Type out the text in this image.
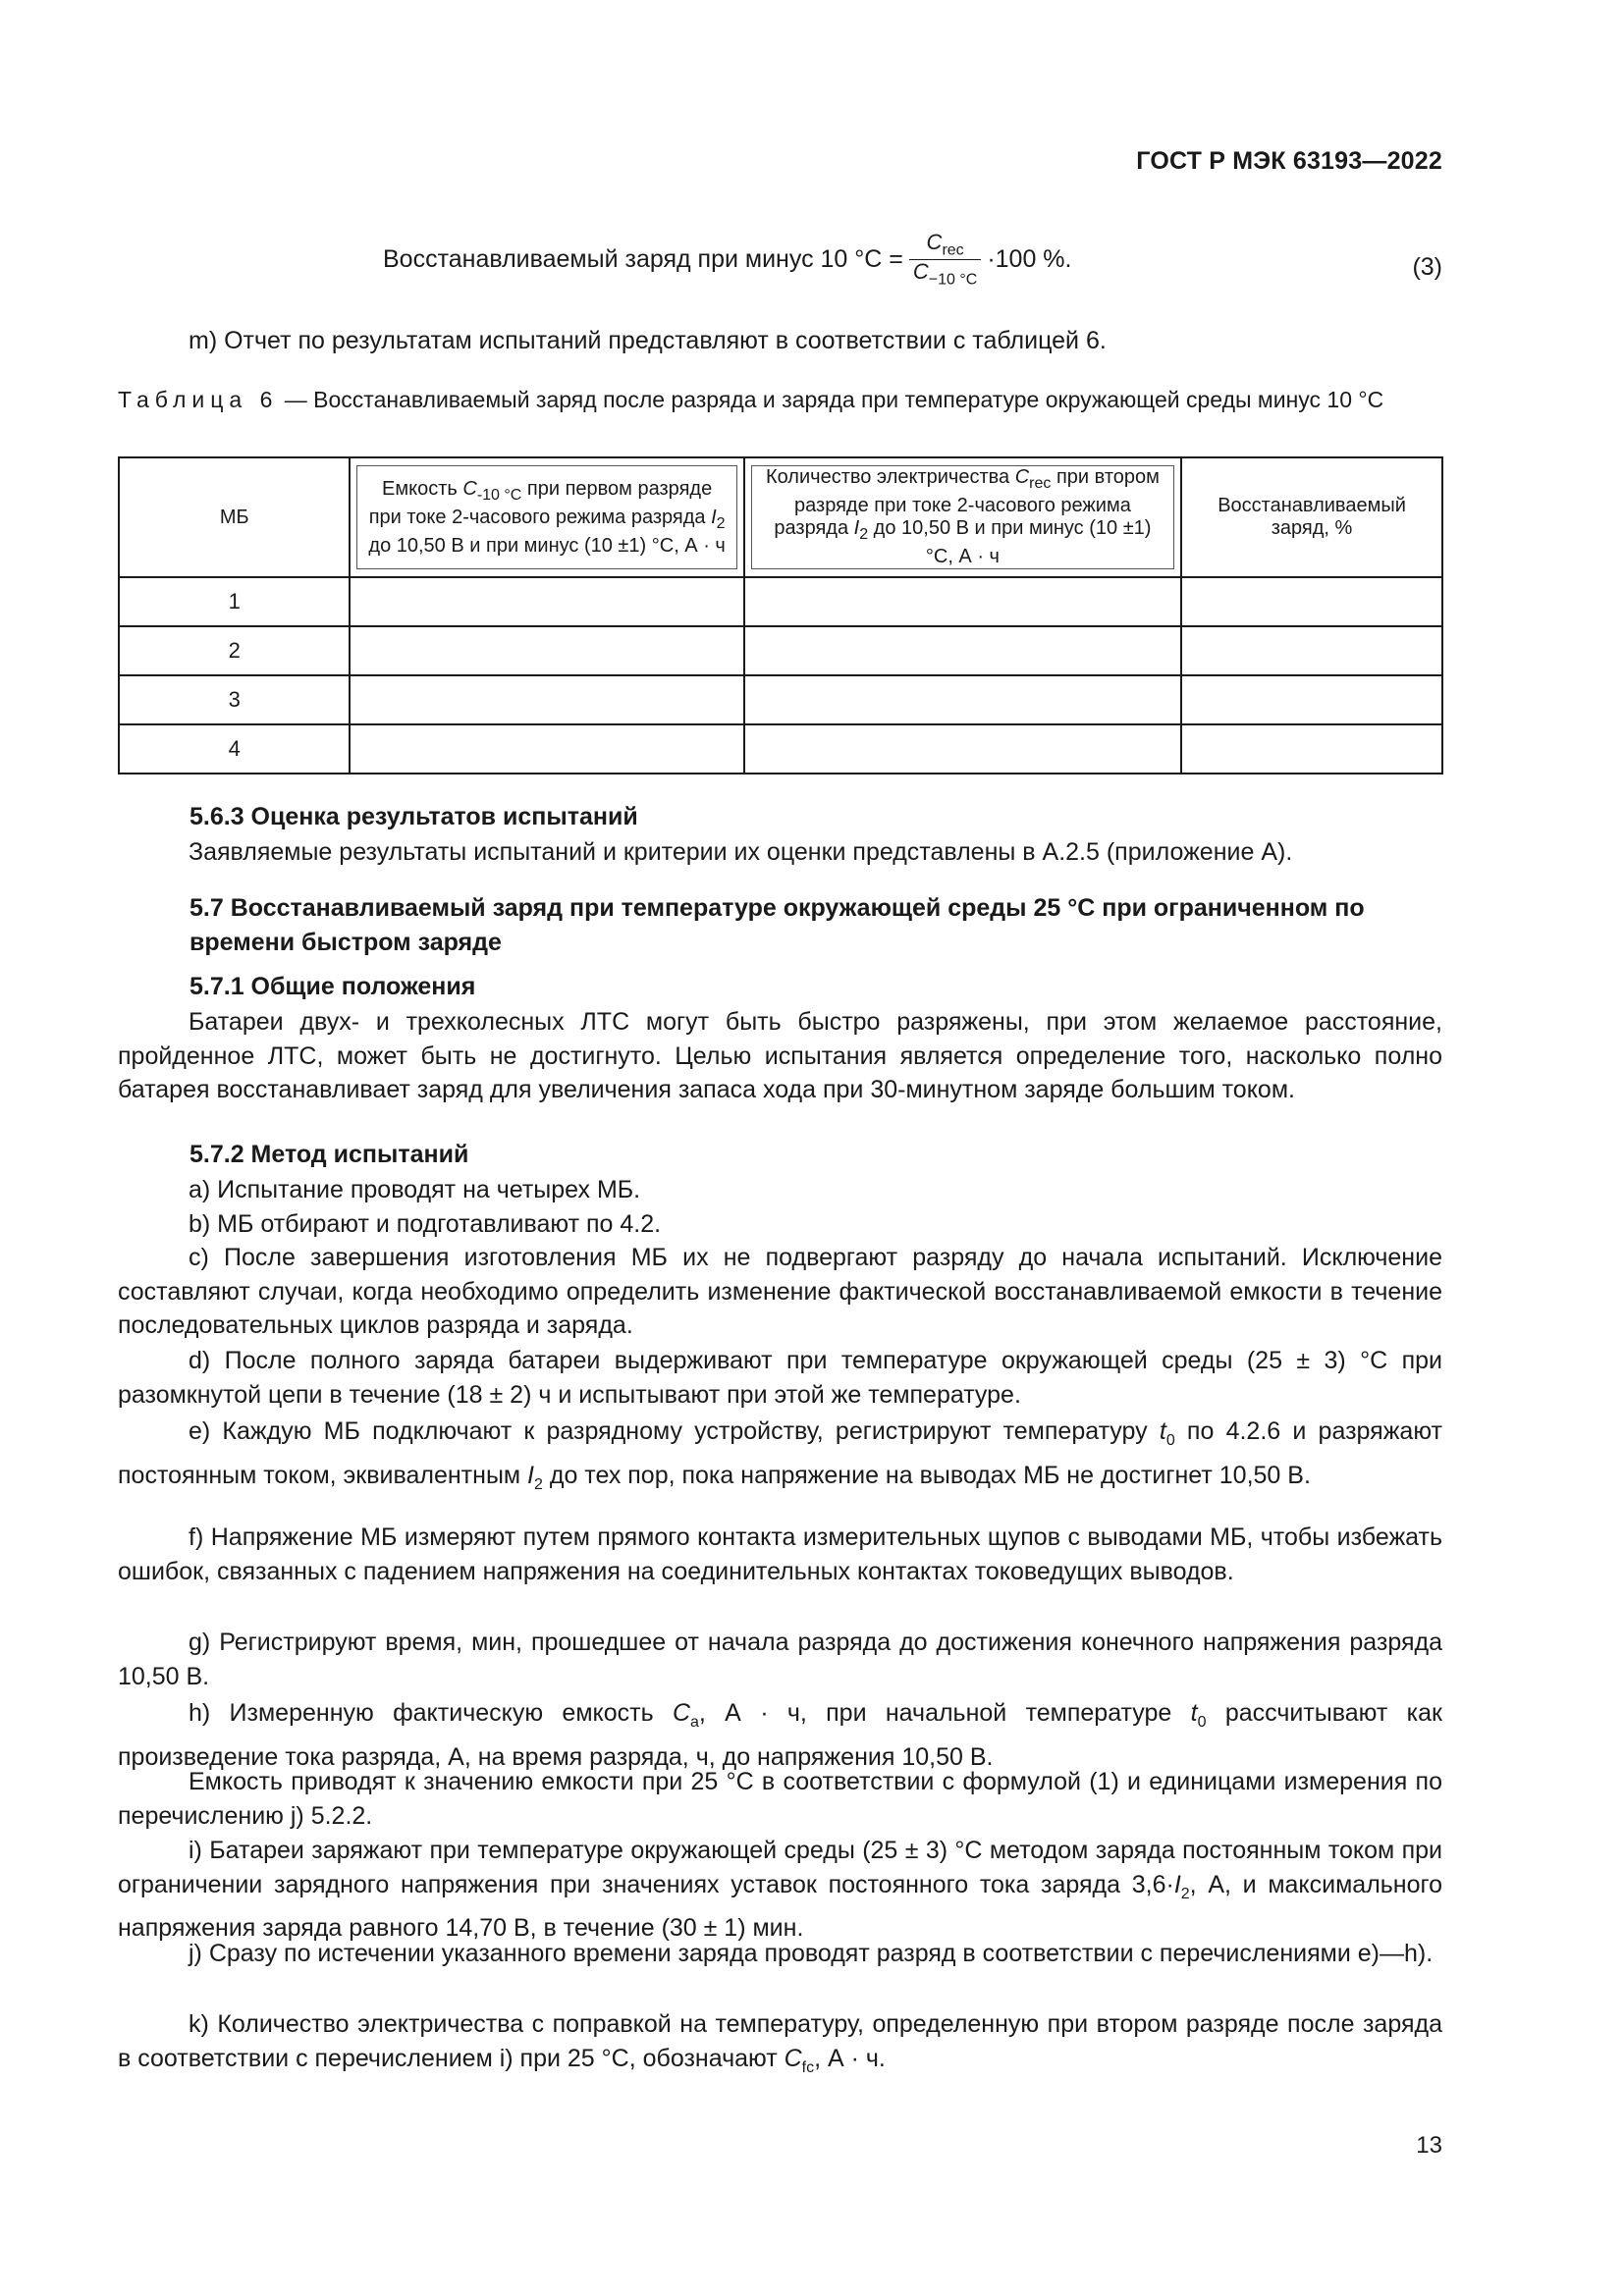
ГОСТ Р МЭК 63193—2022
Восстанавливаемый заряд при минус 10 $^\circ C = \frac{C_{rec}}{C_{-10 ^\circ C}} \cdot 100$ %.	(3)
m) Отчет по результатам испытаний представляют в соответствии с таблицей 6.
Таблица 6 — Восстанавливаемый заряд после разряда и заряда при температуре окружающей среды минус 10 °C
МБ	Емкость $C_{-10 ^\circ C}$ при первом разряде при токе 2-часового режима разряда $I_2$ до 10,50 В и при минус (10 ±1) °C, А · ч	Количество электричества $C_{rec}$ при втором разряде при токе 2-часового режима разряда $I_2$ до 10,50 В и при минус (10 ±1) °C, А · ч	Восстанавливаемый заряд, %

1			
2			
3			
4			
5.6.3 Оценка результатов испытаний
Заявляемые результаты испытаний и критерии их оценки представлены в A.2.5 (приложение А).
5.7 Восстанавливаемый заряд при температуре окружающей среды 25 °С при ограниченном по времени быстром заряде
5.7.1 Общие положения
Батареи двух- и трехколесных ЛТС могут быть быстро разряжены, при этом желаемое расстояние, пройденное ЛТС, может быть не достигнуто. Целью испытания является определение того, насколько полно батарея восстанавливает заряд для увеличения запаса хода при 30-минутном заряде большим током.
5.7.2 Метод испытаний
a) Испытание проводят на четырех МБ.
b) МБ отбирают и подготавливают по 4.2.
c) После завершения изготовления МБ их не подвергают разряду до начала испытаний. Исключение составляют случаи, когда необходимо определить изменение фактической восстанавливаемой емкости в течение последовательных циклов разряда и заряда.
d) После полного заряда батареи выдерживают при температуре окружающей среды (25 ± 3) °C при разомкнутой цепи в течение (18 ± 2) ч и испытывают при этой же температуре.
e) Каждую МБ подключают к разрядному устройству, регистрируют температуру $t_0$ по 4.2.6 и разряжают постоянным током, эквивалентным $I_2$ до тех пор, пока напряжение на выводах МБ не достигнет 10,50 В.
f) Напряжение МБ измеряют путем прямого контакта измерительных щупов с выводами МБ, чтобы избежать ошибок, связанных с падением напряжения на соединительных контактах токоведущих выводов.
g) Регистрируют время, мин, прошедшее от начала разряда до достижения конечного напряжения разряда 10,50 В.
h) Измеренную фактическую емкость $C_a$, А · ч, при начальной температуре $t_0$ рассчитывают как произведение тока разряда, А, на время разряда, ч, до напряжения 10,50 В.
Емкость приводят к значению емкости при 25 °С в соответствии с формулой (1) и единицами измерения по перечислению j) 5.2.2.
i) Батареи заряжают при температуре окружающей среды (25 ± 3) °C методом заряда постоянным током при ограничении зарядного напряжения при значениях уставок постоянного тока заряда $3,6\cdot I_2$, А, и максимального напряжения заряда равного 14,70 В, в течение (30 ± 1) мин.
j) Сразу по истечении указанного времени заряда проводят разряд в соответствии с перечислениями e)—h).
k) Количество электричества с поправкой на температуру, определенную при втором разряде после заряда в соответствии с перечислением i) при 25 °С, обозначают $C_{fc}$, А · ч.
13
